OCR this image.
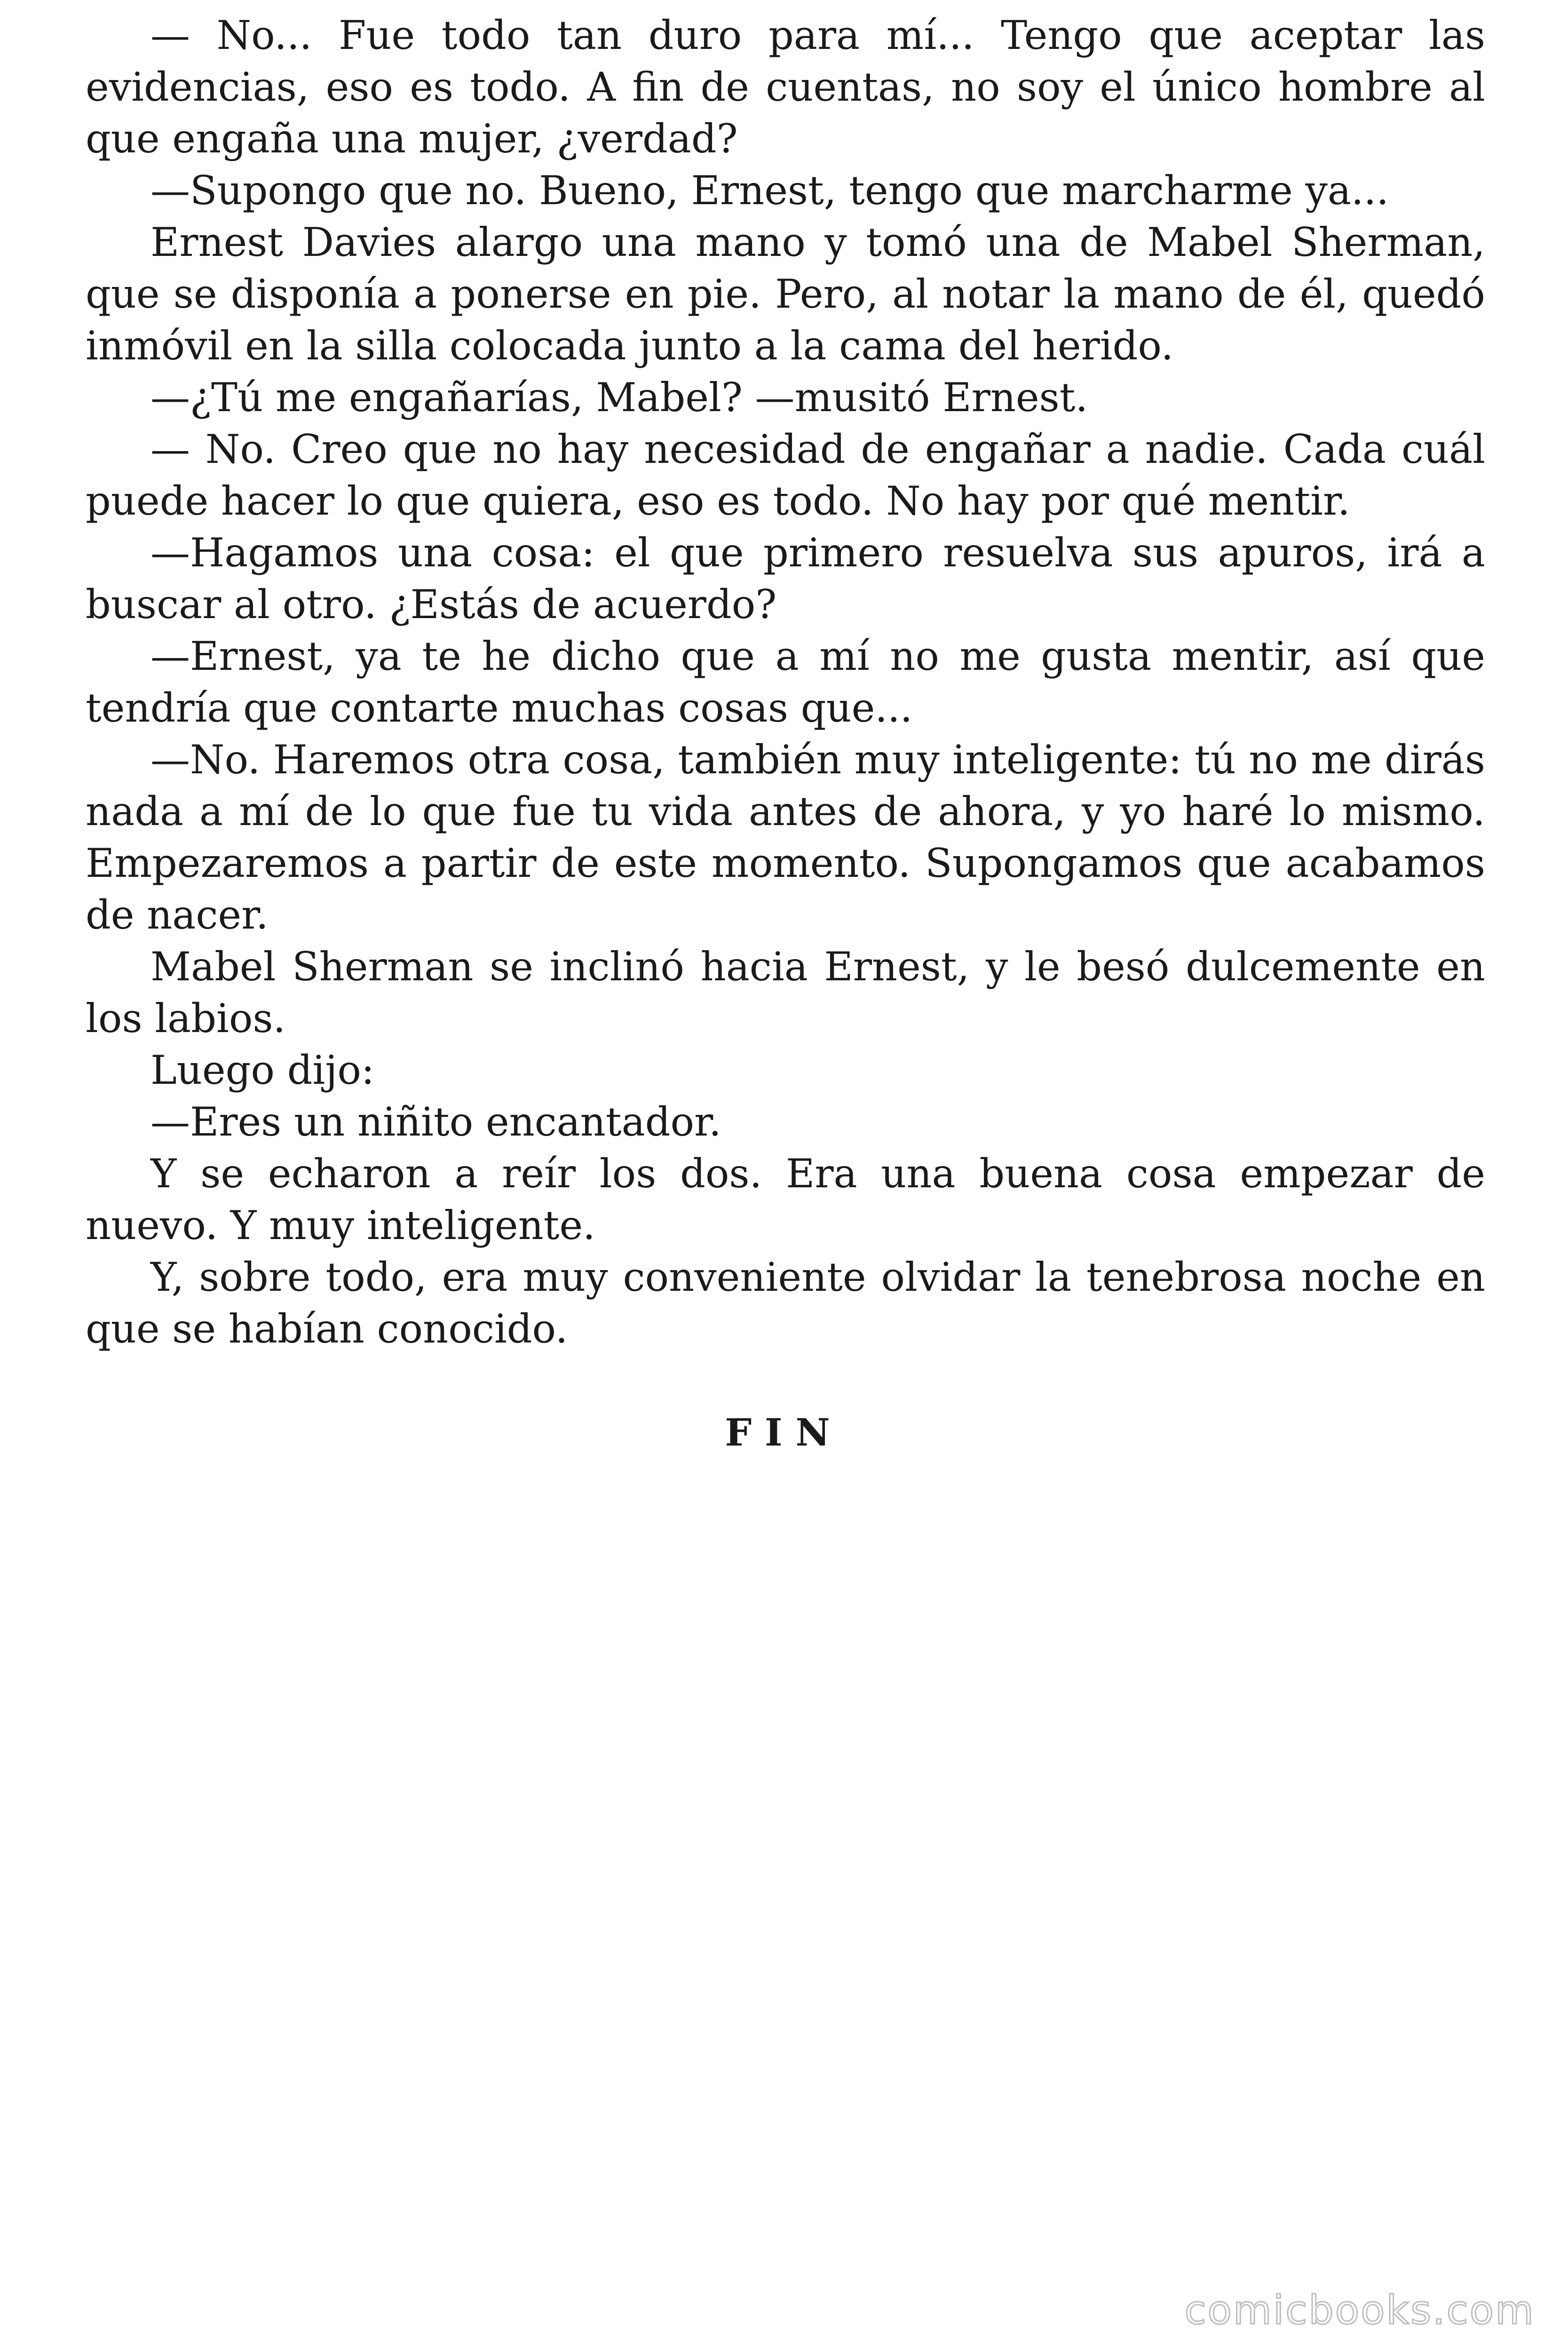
— No... Fue todo tan duro para mí... Tengo que aceptar las evidencias, eso es todo. A fin de cuentas, no soy el único hombre al que engaña una mujer, ¿verdad?

—Supongo que no. Bueno, Ernest, tengo que marcharme ya...

Ernest Davies alargo una mano y tomó una de Mabel Sherman, que se disponía a ponerse en pie. Pero, al notar la mano de él, quedó inmóvil en la silla colocada junto a la cama del herido.

—¿Tú me engañarías, Mabel? —musitó Ernest.

— No. Creo que no hay necesidad de engañar a nadie. Cada cuál puede hacer lo que quiera, eso es todo. No hay por qué mentir.

—Hagamos una cosa: el que primero resuelva sus apuros, irá a buscar al otro. ¿Estás de acuerdo?

—Ernest, ya te he dicho que a mí no me gusta mentir, así que tendría que contarte muchas cosas que...

—No. Haremos otra cosa, también muy inteligente: tú no me dirás nada a mí de lo que fue tu vida antes de ahora, y yo haré lo mismo. Empezaremos a partir de este momento. Supongamos que acabamos de nacer.

Mabel Sherman se inclinó hacia Ernest, y le besó dulcemente en los labios.

Luego dijo:

—Eres un niñito encantador.

Y se echaron a reír los dos. Era una buena cosa empezar de nuevo. Y muy inteligente.

Y, sobre todo, era muy conveniente olvidar la tenebrosa noche en que se habían conocido.

FIN
comicbooks.com
